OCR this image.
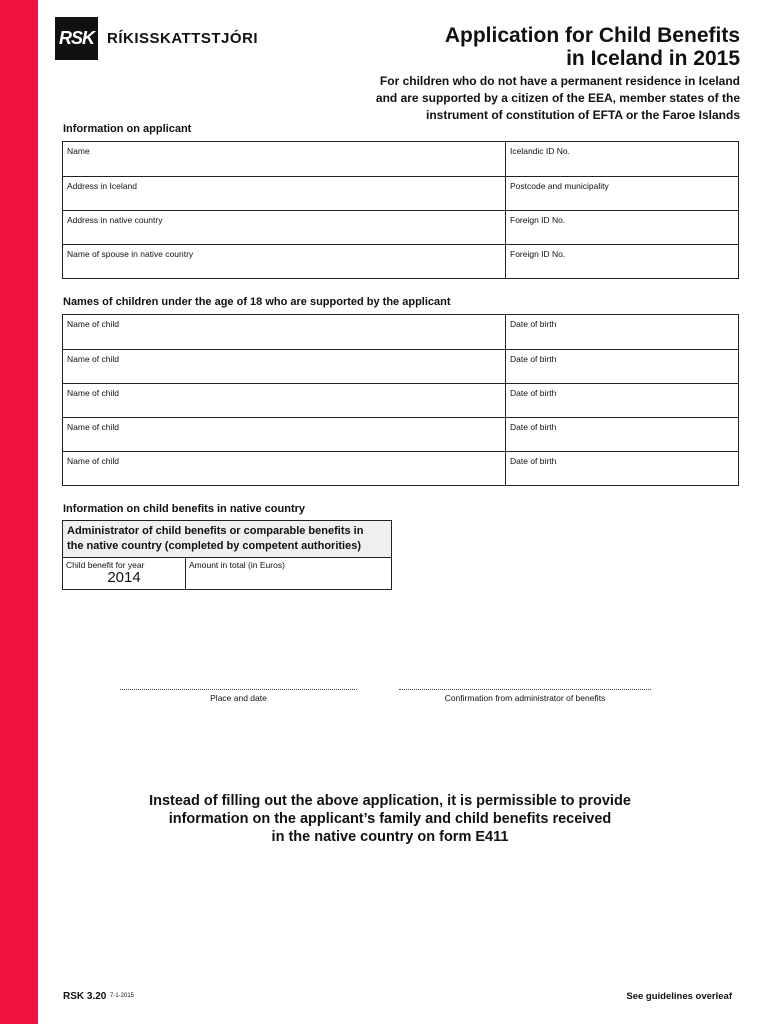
RSK RÍKISSKATTSTJÓRI	Application for Child Benefits
in Iceland in 2015
For children who do not have a permanent residence in Iceland
and are supported by a citizen of the EEA, member states of the
instrument of constitution of EFTA or the Faroe Islands
Information on applicant
Name	Icelandic ID No.
Address in Iceland	Postcode and municipality
Address in native country	Foreign ID No.
Name of spouse in native country	Foreign ID No.
Names of children under the age of 18 who are supported by the applicant
Name of child	Date of birth
Name of child	Date of birth
Name of child	Date of birth
Name of child	Date of birth
Name of child	Date of birth
Information on child benefits in native country
Administrator of child benefits or comparable benefits in
the native country (completed by competent authorities)
Child benefit for year
2014
Amount in total (in Euros)
Place and date	Confirmation from administrator of benefits
Instead of filling out the above application, it is permissible to provide
information on the applicant’s family and child benefits received
in the native country on form E411
RSK 3.20 7-1-2015	See guidelines overleaf
